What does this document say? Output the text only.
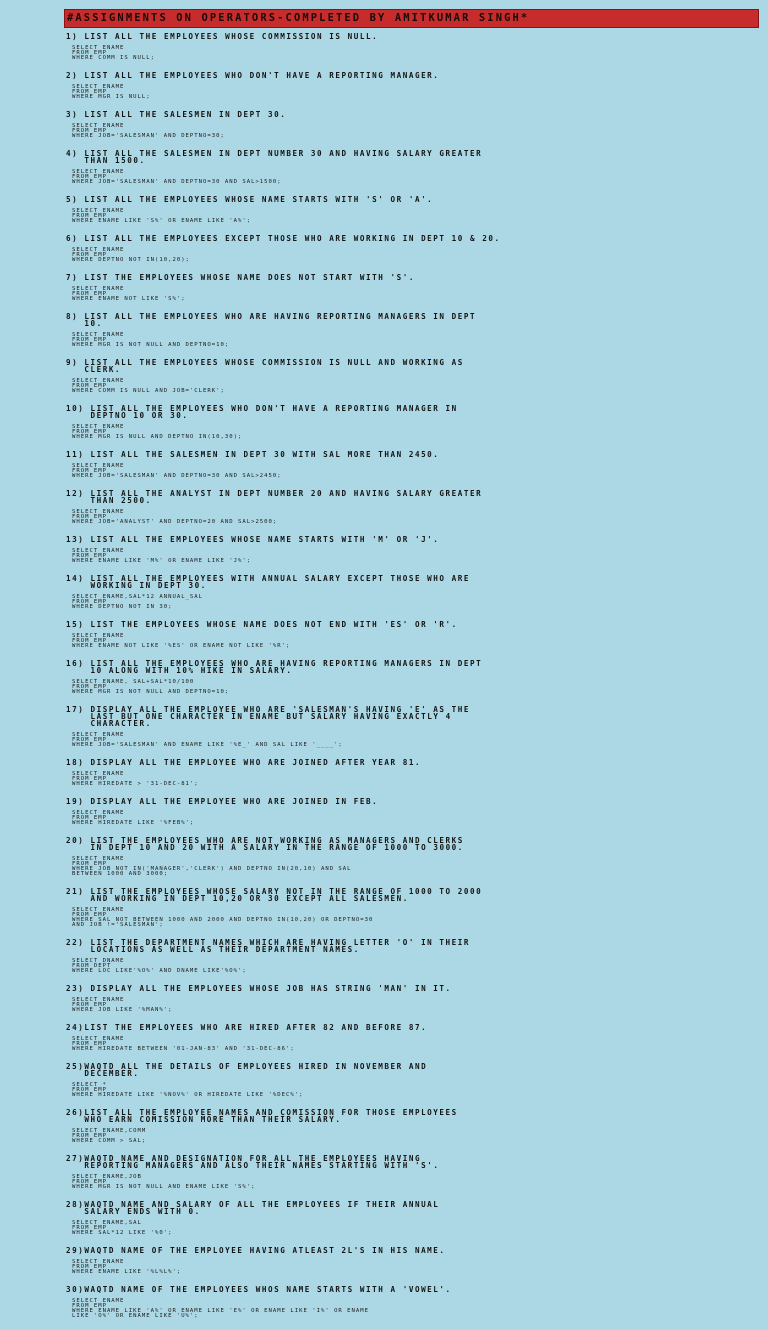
#ASSIGNMENTS ON OPERATORS-COMPLETED BY AMITKUMAR SINGH*
1) LIST ALL THE EMPLOYEES WHOSE COMMISSION IS NULL.
SELECT ENAME
FROM EMP
WHERE COMM IS NULL;
2) LIST ALL THE EMPLOYEES WHO DON'T HAVE A REPORTING MANAGER.
SELECT ENAME
FROM EMP
WHERE MGR IS NULL;
3) LIST ALL THE SALESMEN IN DEPT 30.
SELECT ENAME
FROM EMP
WHERE JOB='SALESMAN' AND DEPTNO=30;
4) LIST ALL THE SALESMEN IN DEPT NUMBER 30 AND HAVING SALARY GREATER
THAN 1500.
SELECT ENAME
FROM EMP
WHERE JOB='SALESMAN' AND DEPTNO=30 AND SAL>1500;
5) LIST ALL THE EMPLOYEES WHOSE NAME STARTS WITH 'S' OR 'A'.
SELECT ENAME
FROM EMP
WHERE ENAME LIKE 'S%' OR ENAME LIKE 'A%';
6) LIST ALL THE EMPLOYEES EXCEPT THOSE WHO ARE WORKING IN DEPT 10 & 20.
SELECT ENAME
FROM EMP
WHERE DEPTNO NOT IN(10,20);
7) LIST THE EMPLOYEES WHOSE NAME DOES NOT START WITH 'S'.
SELECT ENAME
FROM EMP
WHERE ENAME NOT LIKE 'S%';
8) LIST ALL THE EMPLOYEES WHO ARE HAVING REPORTING MANAGERS IN DEPT
10.
SELECT ENAME
FROM EMP
WHERE MGR IS NOT NULL AND DEPTNO=10;
9) LIST ALL THE EMPLOYEES WHOSE COMMISSION IS NULL AND WORKING AS
CLERK.
SELECT ENAME
FROM EMP
WHERE COMM IS NULL AND JOB='CLERK';
10) LIST ALL THE EMPLOYEES WHO DON'T HAVE A REPORTING MANAGER IN
DEPTNO 10 OR 30.
SELECT ENAME
FROM EMP
WHERE MGR IS NULL AND DEPTNO IN(10,30);
11) LIST ALL THE SALESMEN IN DEPT 30 WITH SAL MORE THAN 2450.
SELECT ENAME
FROM EMP
WHERE JOB='SALESMAN' AND DEPTNO=30 AND SAL>2450;
12) LIST ALL THE ANALYST IN DEPT NUMBER 20 AND HAVING SALARY GREATER
THAN 2500.
SELECT ENAME
FROM EMP
WHERE JOB='ANALYST' AND DEPTNO=20 AND SAL>2500;
13) LIST ALL THE EMPLOYEES WHOSE NAME STARTS WITH 'M' OR 'J'.
SELECT ENAME
FROM EMP
WHERE ENAME LIKE 'M%' OR ENAME LIKE 'J%';
14) LIST ALL THE EMPLOYEES WITH ANNUAL SALARY EXCEPT THOSE WHO ARE
WORKING IN DEPT 30.
SELECT ENAME,SAL*12 ANNUAL_SAL
FROM EMP
WHERE DEPTNO NOT IN 30;
15) LIST THE EMPLOYEES WHOSE NAME DOES NOT END WITH 'ES' OR 'R'.
SELECT ENAME
FROM EMP
WHERE ENAME NOT LIKE '%ES' OR ENAME NOT LIKE '%R';
16) LIST ALL THE EMPLOYEES WHO ARE HAVING REPORTING MANAGERS IN DEPT
10 ALONG WITH 10% HIKE IN SALARY.
SELECT ENAME, SAL+SAL*10/100
FROM EMP
WHERE MGR IS NOT NULL AND DEPTNO=10;
17) DISPLAY ALL THE EMPLOYEE WHO ARE 'SALESMAN'S HAVING 'E' AS THE
LAST BUT ONE CHARACTER IN ENAME BUT SALARY HAVING EXACTLY 4
CHARACTER.
SELECT ENAME
FROM EMP
WHERE JOB='SALESMAN' AND ENAME LIKE '%E_' AND SAL LIKE '____';
18) DISPLAY ALL THE EMPLOYEE WHO ARE JOINED AFTER YEAR 81.
SELECT ENAME
FROM EMP
WHERE HIREDATE > '31-DEC-81';
19) DISPLAY ALL THE EMPLOYEE WHO ARE JOINED IN FEB.
SELECT ENAME
FROM EMP
WHERE HIREDATE LIKE '%FEB%';
20) LIST THE EMPLOYEES WHO ARE NOT WORKING AS MANAGERS AND CLERKS
IN DEPT 10 AND 20 WITH A SALARY IN THE RANGE OF 1000 TO 3000.
SELECT ENAME
FROM EMP
WHERE JOB NOT IN('MANAGER','CLERK') AND DEPTNO IN(20,10) AND SAL
BETWEEN 1000 AND 3000;
21) LIST THE EMPLOYEES WHOSE SALARY NOT IN THE RANGE OF 1000 TO 2000
AND WORKING IN DEPT 10,20 OR 30 EXCEPT ALL SALESMEN.
SELECT ENAME
FROM EMP
WHERE SAL NOT BETWEEN 1000 AND 2000 AND DEPTNO IN(10,20) OR DEPTNO=30
AND JOB !='SALESMAN';
22) LIST THE DEPARTMENT NAMES WHICH ARE HAVING LETTER 'O' IN THEIR
LOCATIONS AS WELL AS THEIR DEPARTMENT NAMES.
SELECT DNAME
FROM DEPT
WHERE LOC LIKE'%O%' AND DNAME LIKE'%O%';
23) DISPLAY ALL THE EMPLOYEES WHOSE JOB HAS STRING 'MAN' IN IT.
SELECT ENAME
FROM EMP
WHERE JOB LIKE '%MAN%';
24)LIST THE EMPLOYEES WHO ARE HIRED AFTER 82 AND BEFORE 87.
SELECT ENAME
FROM EMP
WHERE HIREDATE BETWEEN '01-JAN-83' AND '31-DEC-86';
25)WAQTD ALL THE DETAILS OF EMPLOYEES HIRED IN NOVEMBER AND
DECEMBER.
SELECT *
FROM EMP
WHERE HIREDATE LIKE '%NOV%' OR HIREDATE LIKE '%DEC%';
26)LIST ALL THE EMPLOYEE NAMES AND COMISSION FOR THOSE EMPLOYEES
WHO EARN COMISSION MORE THAN THEIR SALARY.
SELECT ENAME,COMM
FROM EMP
WHERE COMM > SAL;
27)WAQTD NAME AND DESIGNATION FOR ALL THE EMPLOYEES HAVING
REPORTING MANAGERS AND ALSO THEIR NAMES STARTING WITH 'S'.
SELECT ENAME,JOB
FROM EMP
WHERE MGR IS NOT NULL AND ENAME LIKE 'S%';
28)WAQTD NAME AND SALARY OF ALL THE EMPLOYEES IF THEIR ANNUAL
SALARY ENDS WITH 0.
SELECT ENAME,SAL
FROM EMP
WHERE SAL*12 LIKE '%0';
29)WAQTD NAME OF THE EMPLOYEE HAVING ATLEAST 2L'S IN HIS NAME.
SELECT ENAME
FROM EMP
WHERE ENAME LIKE '%L%L%';
30)WAQTD NAME OF THE EMPLOYEES WHOS NAME STARTS WITH A 'VOWEL'.
SELECT ENAME
FROM EMP
WHERE ENAME LIKE 'A%' OR ENAME LIKE 'E%' OR ENAME LIKE 'I%' OR ENAME
LIKE 'O%' OR ENAME LIKE 'U%';
